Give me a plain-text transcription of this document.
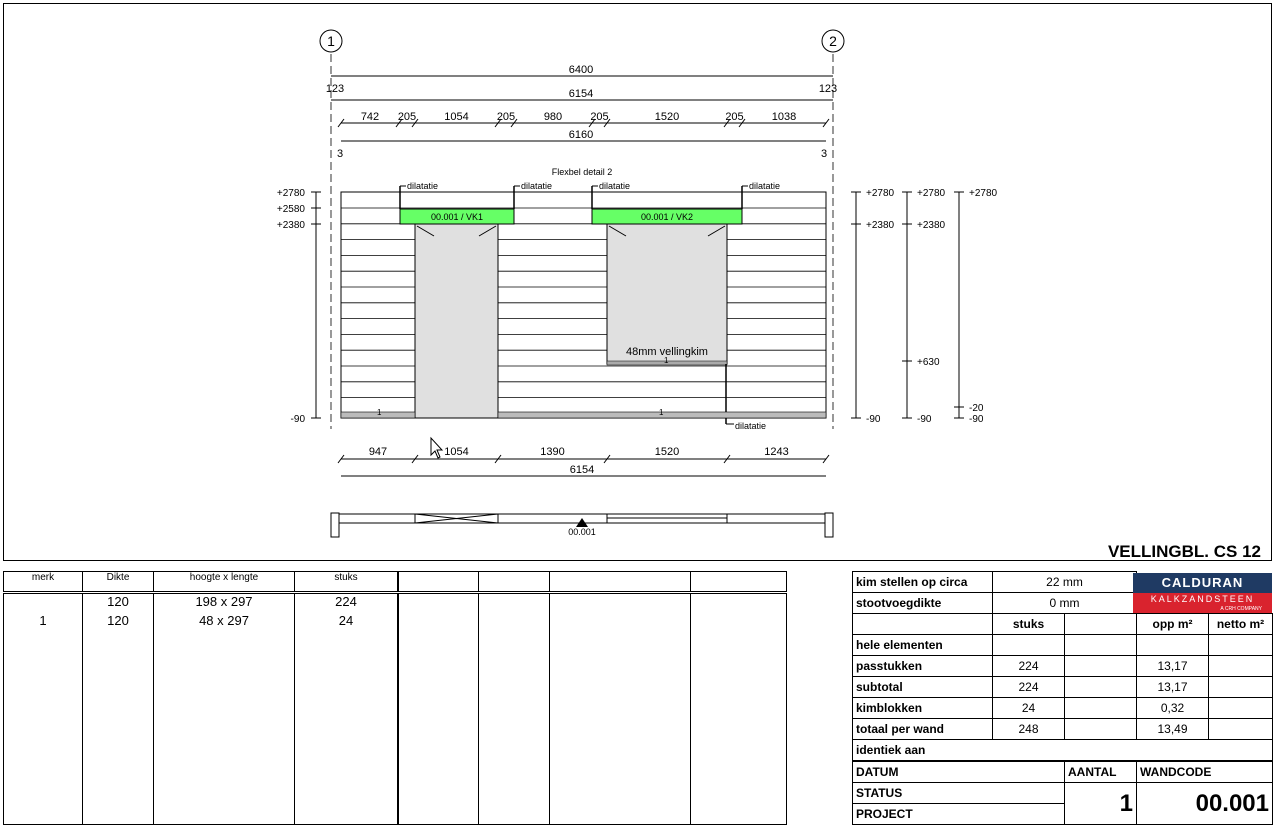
1	2
6400
6154
123	123
742 205	1054	205	980	205	1520	205	1038
6160
3	3
Flexbel detail 2
48mm vellingkim
00.001 / VK1	00.001 / VK2
dilatatie	dilatatie	dilatatie	dilatatie
dilatatie
1	1
1
+2780
+2580
+2380
-90
+2780
+2380
-90
+2780
+2380
+630
-90
+2780
-20
-90
947	1054	1390	1520	1243
6154
00.001
VELLINGBL. CS 12
merk	Dikte	hoogte x lengte	stuks				
	120	198 x 297	224				
1	120	48 x 297	24				

kim stellen op circa	22 mm			
stootvoegdikte	0 mm			
	stuks		opp m²	netto m²
hele elementen				
passtukken	224		13,17	
subtotal	224		13,17	
kimblokken	24		0,32	
totaal per wand	248		13,49	
identiek aan				
DATUM		AANTAL	WANDCODE	
STATUS		1	00.001	
PROJECT				
CALDURAN
KALKZANDSTEEN
A CRH COMPANY
